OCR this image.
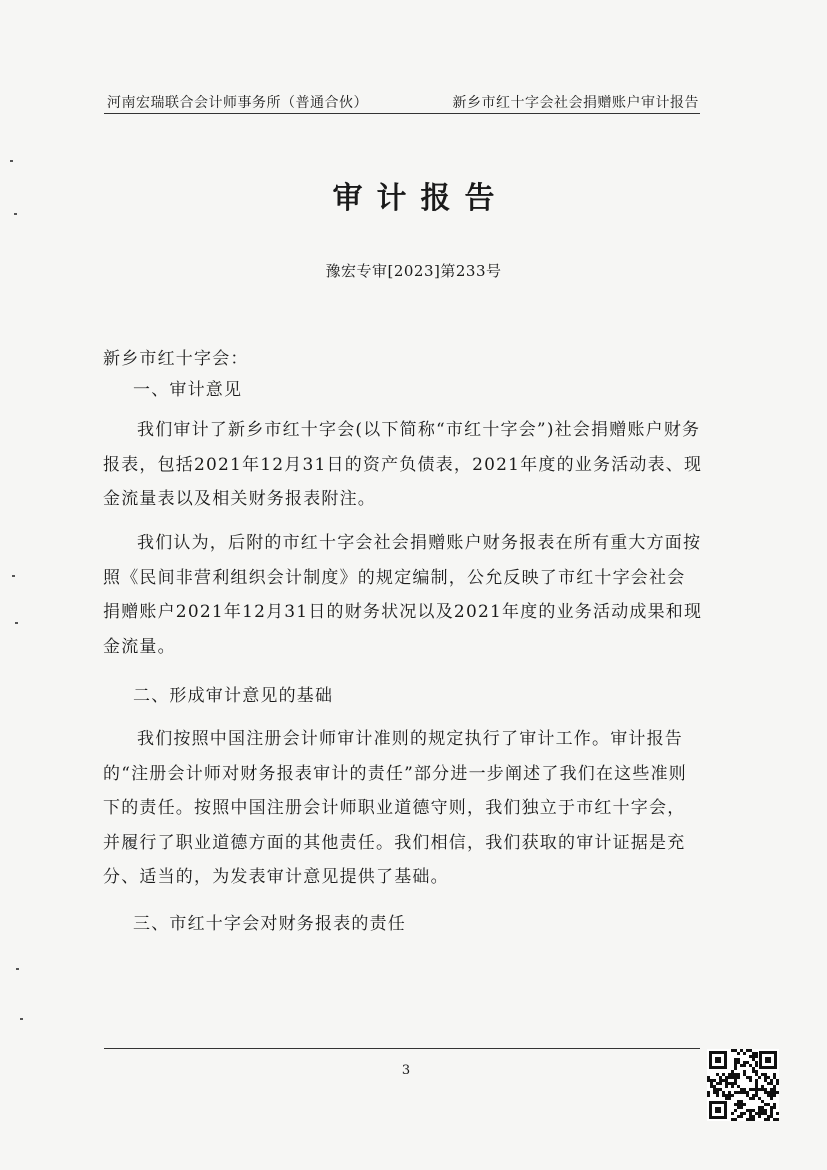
河南宏瑞联合会计师事务所（普通合伙）	新乡市红十字会社会捐赠账户审计报告
审计报告
豫宏专审[2023]第233号
新乡市红十字会：
一、审计意见

我们审计了新乡市红十字会(以下简称“市红十字会”)社会捐赠账户财务报表，包括2021年12月31日的资产负债表，2021年度的业务活动表、现金流量表以及相关财务报表附注。

我们认为，后附的市红十字会社会捐赠账户财务报表在所有重大方面按照《民间非营利组织会计制度》的规定编制，公允反映了市红十字会社会捐赠账户2021年12月31日的财务状况以及2021年度的业务活动成果和现金流量。

二、形成审计意见的基础

我们按照中国注册会计师审计准则的规定执行了审计工作。审计报告的“注册会计师对财务报表审计的责任”部分进一步阐述了我们在这些准则下的责任。按照中国注册会计师职业道德守则，我们独立于市红十字会，并履行了职业道德方面的其他责任。我们相信，我们获取的审计证据是充分、适当的，为发表审计意见提供了基础。

三、市红十字会对财务报表的责任
3
